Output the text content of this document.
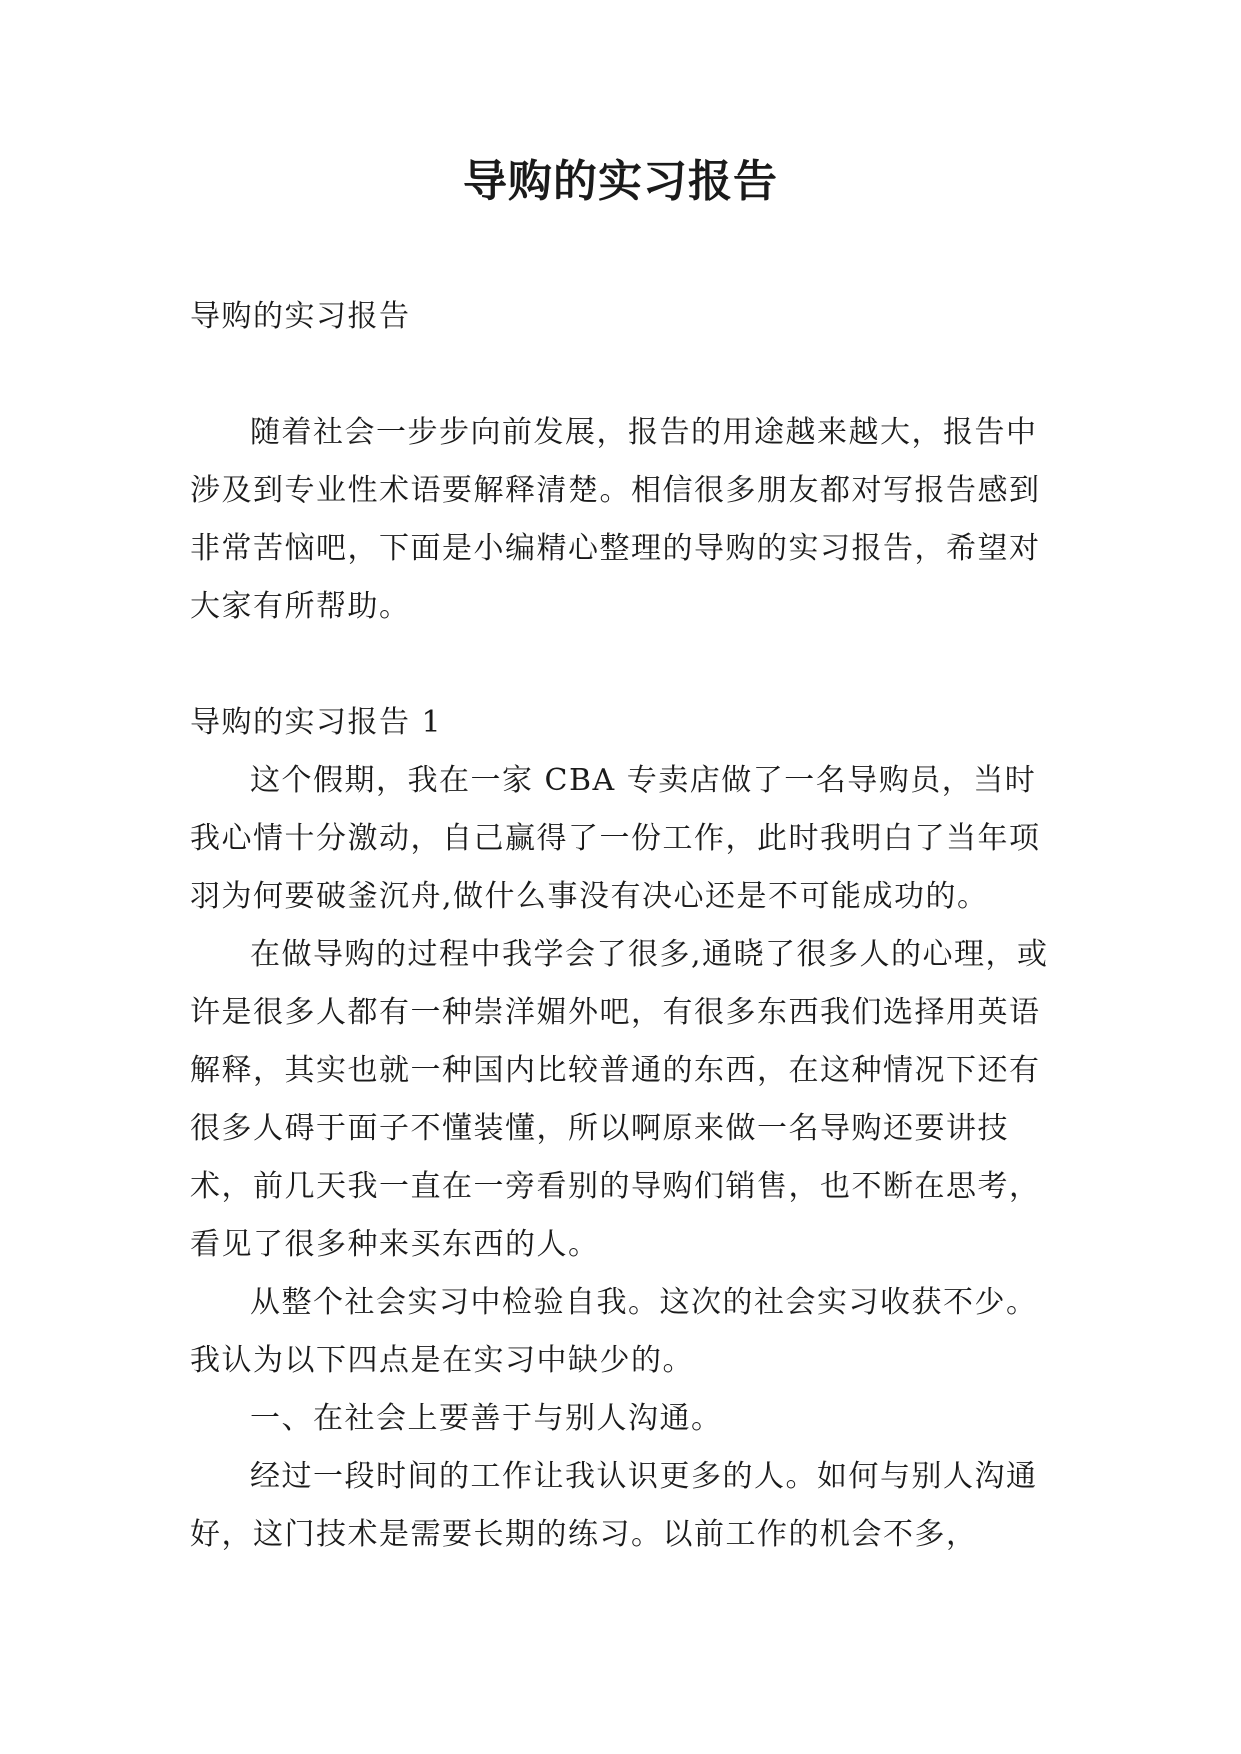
导购的实习报告

导购的实习报告

随着社会一步步向前发展，报告的用途越来越大，报告中涉及到专业性术语要解释清楚。相信很多朋友都对写报告感到非常苦恼吧，下面是小编精心整理的导购的实习报告，希望对大家有所帮助。

导购的实习报告 1

这个假期，我在一家 CBA 专卖店做了一名导购员，当时我心情十分激动，自己赢得了一份工作，此时我明白了当年项羽为何要破釜沉舟,做什么事没有决心还是不可能成功的。

在做导购的过程中我学会了很多,通晓了很多人的心理，或许是很多人都有一种崇洋媚外吧，有很多东西我们选择用英语解释，其实也就一种国内比较普通的东西，在这种情况下还有很多人碍于面子不懂装懂，所以啊原来做一名导购还要讲技术，前几天我一直在一旁看别的导购们销售，也不断在思考，看见了很多种来买东西的人。

从整个社会实习中检验自我。这次的社会实习收获不少。我认为以下四点是在实习中缺少的。

一、在社会上要善于与别人沟通。

经过一段时间的工作让我认识更多的人。如何与别人沟通好，这门技术是需要长期的练习。以前工作的机会不多，
